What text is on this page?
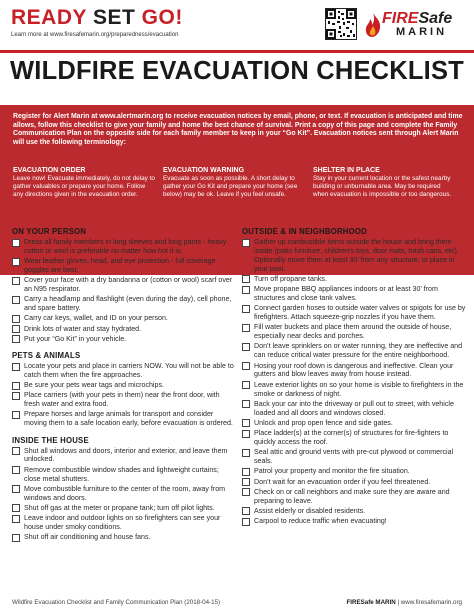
READY SET GO!
Learn more at www.firesafemarin.org/preparedness/evacuation
FIRESafe
MARIN
WILDFIRE EVACUATION CHECKLIST
Register for Alert Marin at www.alertmarin.org to receive evacuation notices by email, phone, or text. If evacuation is anticipated and time allows, follow this checklist to give your family and home the best chance of survival. Print a copy of this page and complete the Family Communication Plan on the opposite side for each family member to keep in your “Go Kit”. Evacuation notices sent through Alert Marin will use the following terminology:
EVACUATION ORDER
Leave now! Evacuate immediately, do not delay to gather valuables or prepare your home. Follow any directions given in the evacuation order.
EVACUATION WARNING
Evacuate as soon as possible. A short delay to gather your Go Kit and prepare your home (see below) may be ok. Leave if you feel unsafe.
SHELTER IN PLACE
Stay in your current location or the safest nearby building or unburnable area. May be required when evacuation is impossible or too dangerous.
ON YOUR PERSON
Dress all family members in long sleeves and long pants - heavy cotton or wool is preferable no matter how hot it is.
Wear leather gloves, head, and eye protection - full coverage goggles are best.
Cover your face with a dry bandanna or (cotton or wool) scarf over an N95 respirator.
Carry a headlamp and flashlight (even during the day), cell phone, and spare battery.
Carry car keys, wallet, and ID on your person.
Drink lots of water and stay hydrated.
Put your “Go Kit” in your vehicle.
PETS & ANIMALS
Locate your pets and place in carriers NOW. You will not be able to catch them when the fire approaches.
Be sure your pets wear tags and microchips.
Place carriers (with your pets in them) near the front door, with fresh water and extra food.
Prepare horses and large animals for transport and consider moving them to a safe location early, before evacuation is ordered.
INSIDE THE HOUSE
Shut all windows and doors, interior and exterior, and leave them unlocked.
Remove combustible window shades and lightweight curtains; close metal shutters.
Move combustible furniture to the center of the room, away from windows and doors.
Shut off gas at the meter or propane tank; turn off pilot lights.
Leave indoor and outdoor lights on so firefighters can see your house under smoky conditions.
Shut off air conditioning and house fans.
OUTSIDE & IN NEIGHBORHOOD
Gather up combustible items outside the house and bring them inside (patio furniture, children’s toys, door mats, trash cans, etc). Optionally move them at least 30’ from any structure, or place in your pool.
Turn off propane tanks.
Move propane BBQ appliances indoors or at least 30’ from structures and close tank valves.
Connect garden hoses to outside water valves or spigots for use by firefighters. Attach squeeze-grip nozzles if you have them.
Fill water buckets and place them around the outside of house, especially near decks and porches.
Don’t leave sprinklers on or water running, they are ineffective and can reduce critical water pressure for the entire neighborhood.
Hosing your roof down is dangerous and ineffective. Clean your gutters and blow leaves away from house instead.
Leave exterior lights on so your home is visible to firefighters in the smoke or darkness of night.
Back your car into the driveway or pull out to street, with vehicle loaded and all doors and windows closed.
Unlock and prop open fence and side gates.
Place ladder(s) at the corner(s) of structures for fire-fighters to quickly access the roof.
Seal attic and ground vents with pre-cut plywood or commercial seals.
Patrol your property and monitor the fire situation.
Don’t wait for an evacuation order if you feel threatened.
Check on or call neighbors and make sure they are aware and preparing to leave.
Assist elderly or disabled residents.
Carpool to reduce traffic when evacuating!
Wildfire Evacuation Checklist and Family Communication Plan (2018-04-15)	FIRESafe MARIN | www.firesafemarin.org
